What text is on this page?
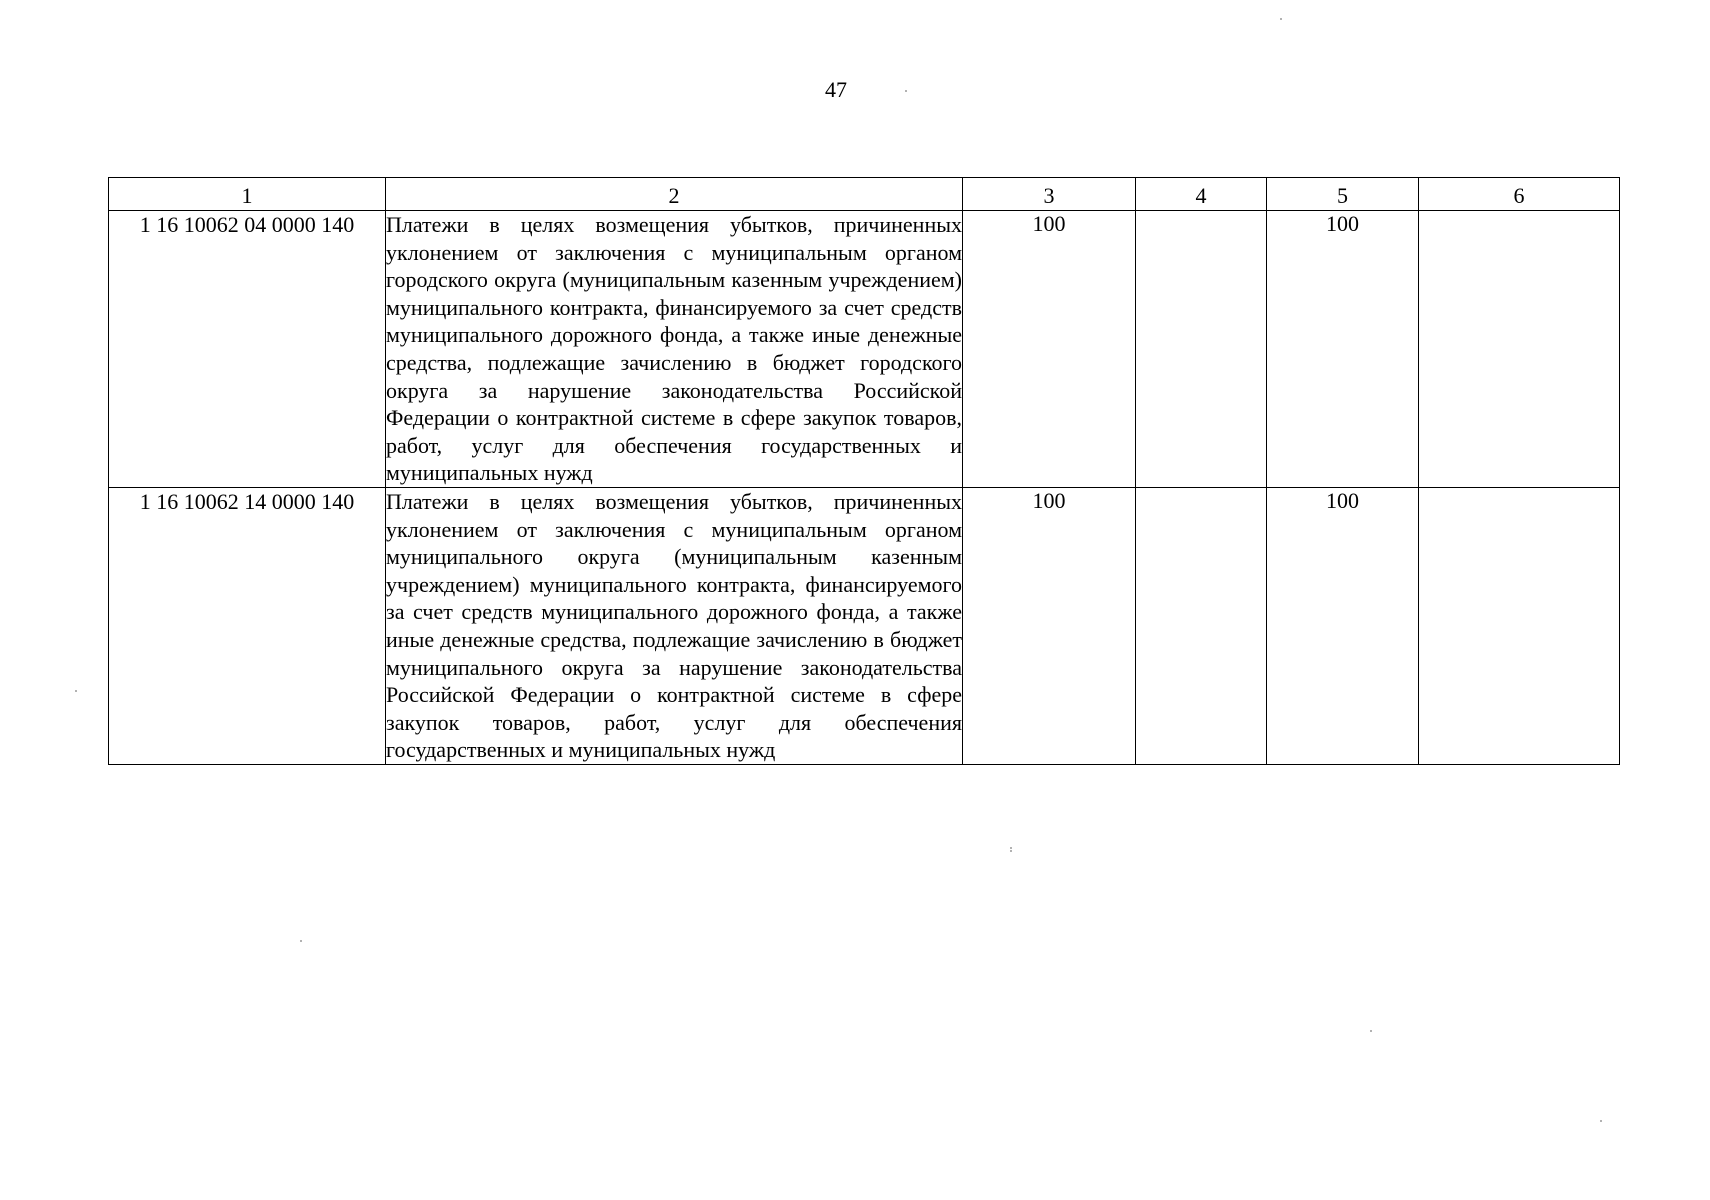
47
1	2	3	4	5	6
1 16 10062 04 0000 140	Платежи в целях возмещения убытков, причиненных уклонением от заключения с муниципальным органом городского округа (муниципальным казенным учреждением) муниципального контракта, финансируемого за счет средств муниципального дорожного фонда, а также иные денежные средства, подлежащие зачислению в бюджет городского округа за нарушение законодательства Российской Федерации о контрактной системе в сфере закупок товаров, работ, услуг для обеспечения государственных и муниципальных нужд	100		100	
1 16 10062 14 0000 140	Платежи в целях возмещения убытков, причиненных уклонением от заключения с муниципальным органом муниципального округа (муниципальным казенным учреждением) муниципального контракта, финансируемого за счет средств муниципального дорожного фонда, а также иные денежные средства, подлежащие зачислению в бюджет муниципального округа за нарушение законодательства Российской Федерации о контрактной системе в сфере закупок товаров, работ, услуг для обеспечения государственных и муниципальных нужд	100		100	
